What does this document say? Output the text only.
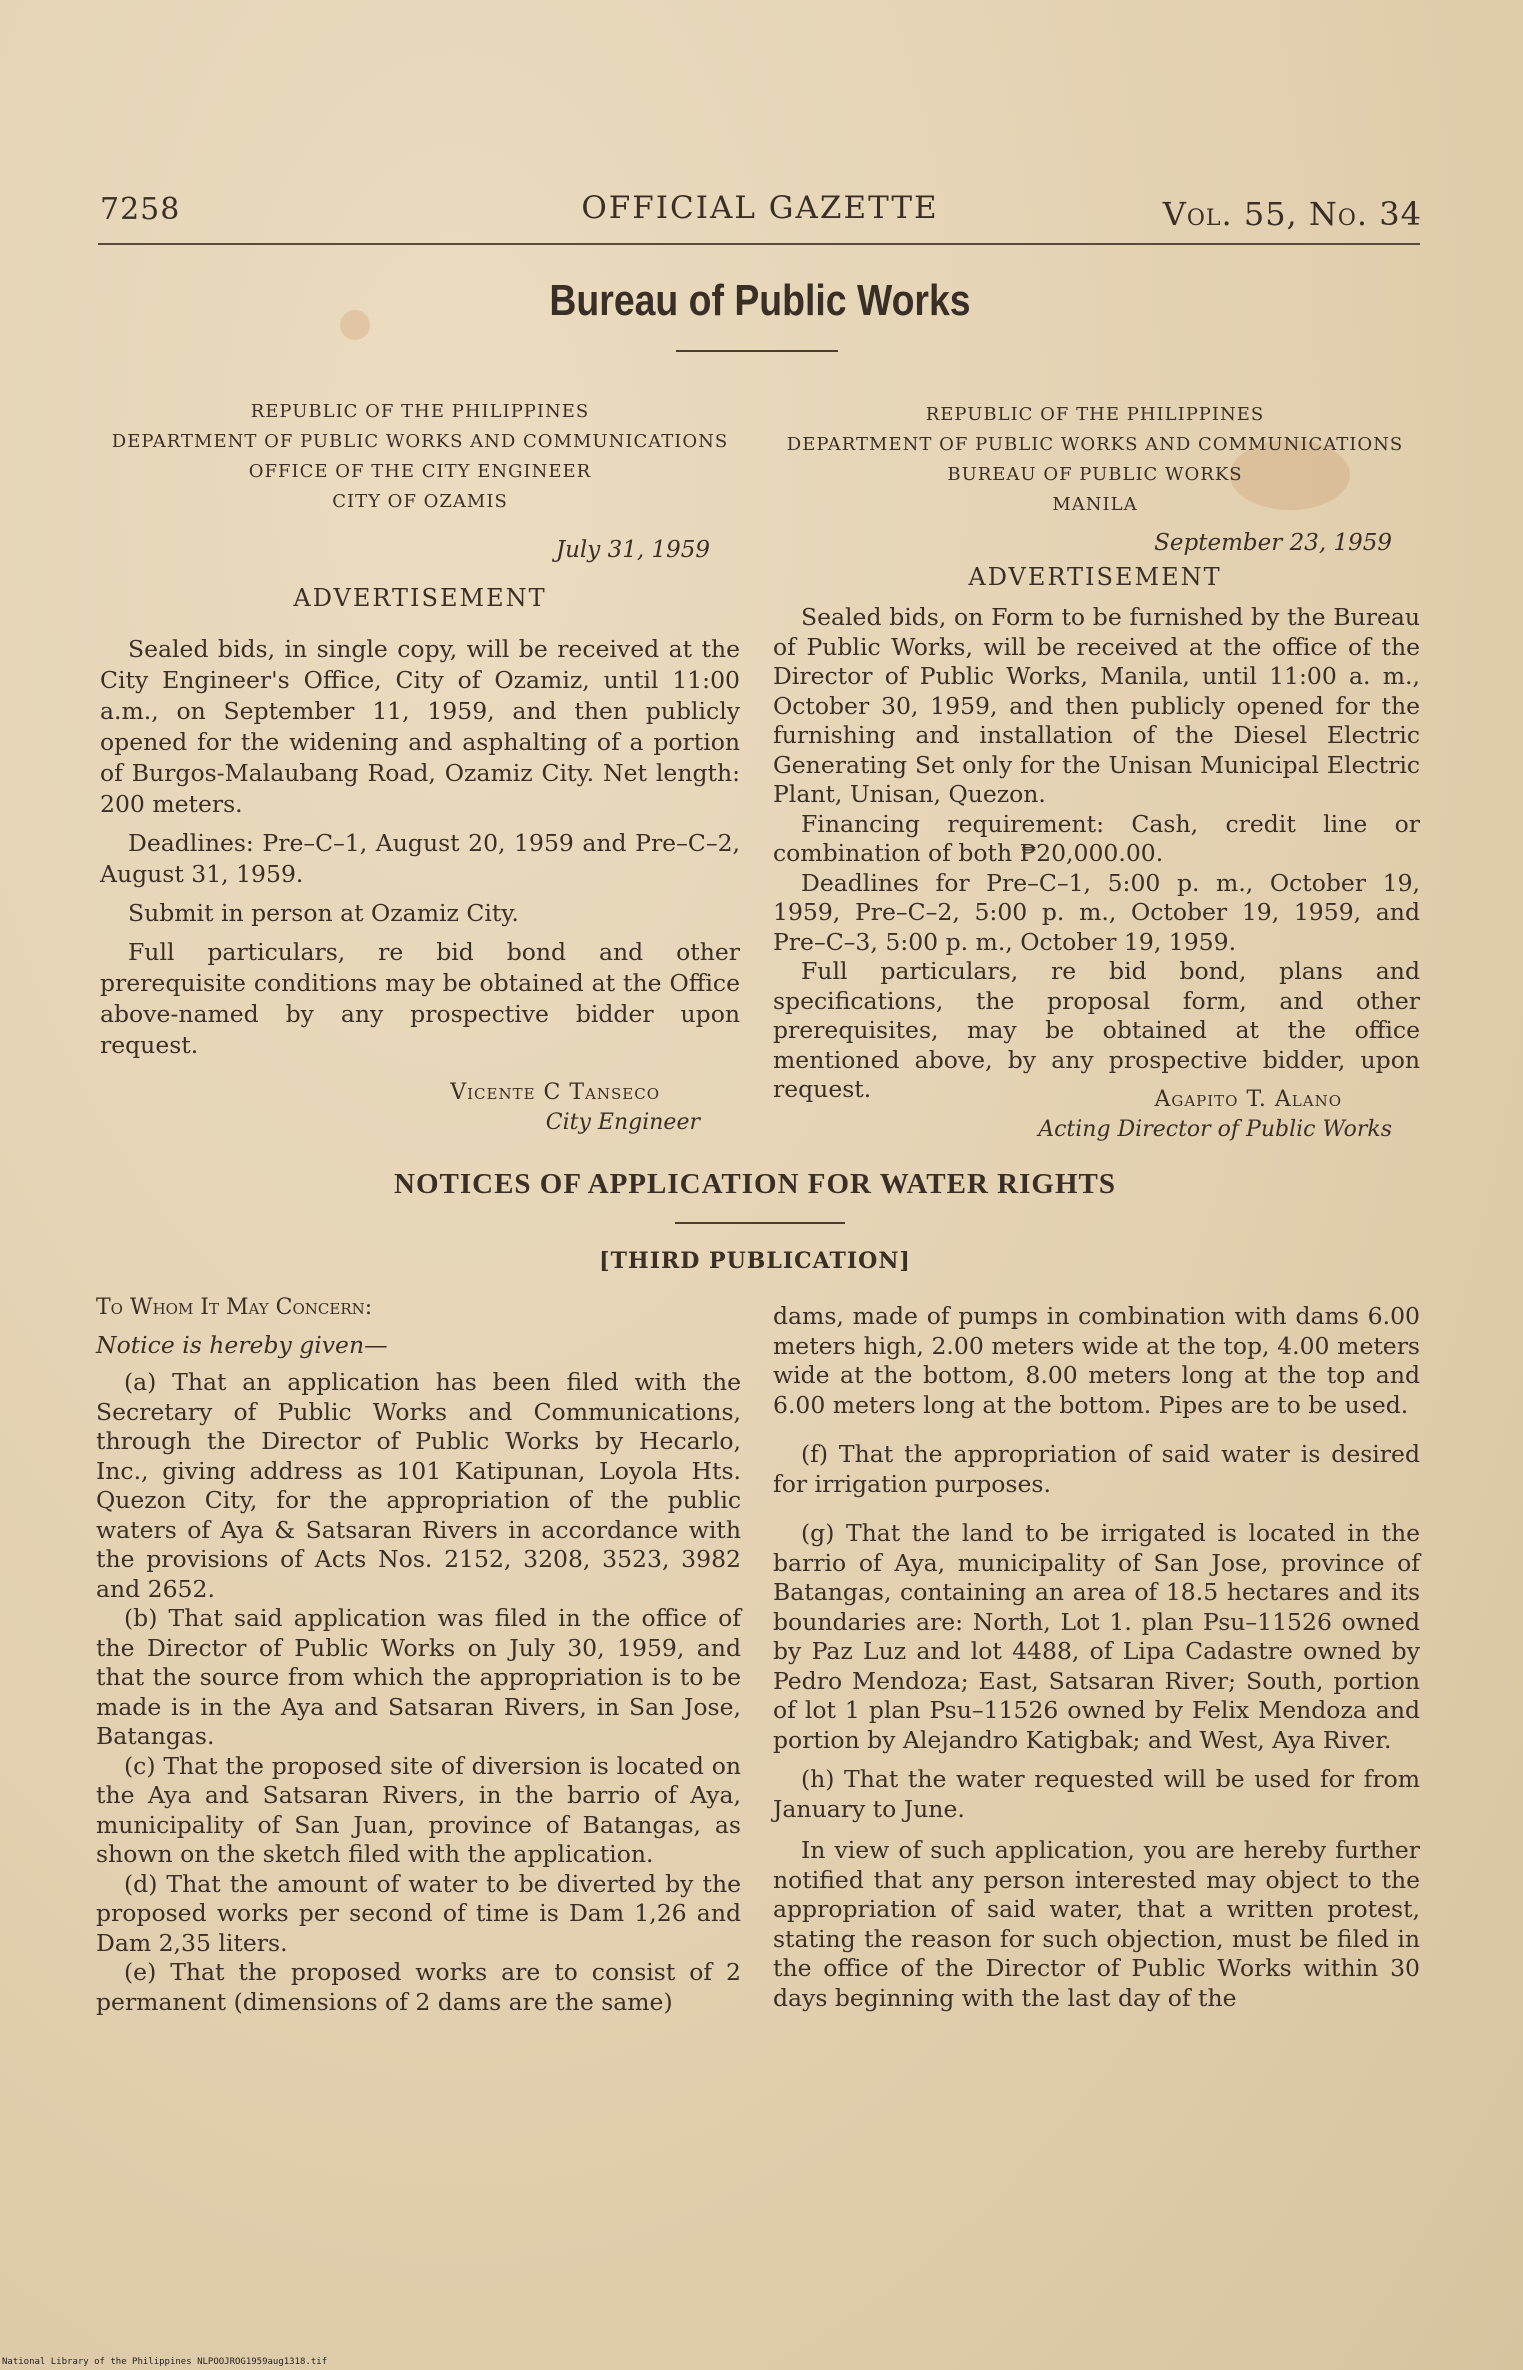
7258	OFFICIAL GAZETTE	Vol. 55, No. 34
Bureau of Public Works
REPUBLIC OF THE PHILIPPINES
DEPARTMENT OF PUBLIC WORKS AND COMMUNICATIONS
OFFICE OF THE CITY ENGINEER
CITY OF OZAMIS
July 31, 1959
ADVERTISEMENT

Sealed bids, in single copy, will be received at the City Engineer's Office, City of Ozamiz, until 11:00 a.m., on September 11, 1959, and then publicly opened for the widening and asphalting of a portion of Burgos-Malaubang Road, Ozamiz City. Net length: 200 meters.

Deadlines: Pre–C–1, August 20, 1959 and Pre–C–2, August 31, 1959.

Submit in person at Ozamiz City.

Full particulars, re bid bond and other prerequisite conditions may be obtained at the Office above-named by any prospective bidder upon request.

Vicente C Tanseco
City Engineer
REPUBLIC OF THE PHILIPPINES
DEPARTMENT OF PUBLIC WORKS AND COMMUNICATIONS
BUREAU OF PUBLIC WORKS
MANILA
September 23, 1959
ADVERTISEMENT

Sealed bids, on Form to be furnished by the Bureau of Public Works, will be received at the office of the Director of Public Works, Manila, until 11:00 a. m., October 30, 1959, and then publicly opened for the furnishing and installation of the Diesel Electric Generating Set only for the Unisan Municipal Electric Plant, Unisan, Quezon.

Financing requirement: Cash, credit line or combination of both ₱20,000.00.

Deadlines for Pre–C–1, 5:00 p. m., October 19, 1959, Pre–C–2, 5:00 p. m., October 19, 1959, and Pre–C–3, 5:00 p. m., October 19, 1959.

Full particulars, re bid bond, plans and specifications, the proposal form, and other prerequisites, may be obtained at the office mentioned above, by any prospective bidder, upon request.	Agapito T. Alano
Acting Director of Public Works
NOTICES OF APPLICATION FOR WATER RIGHTS
[THIRD PUBLICATION]

To Whom It May Concern:

Notice is hereby given—

(a) That an application has been filed with the Secretary of Public Works and Communications, through the Director of Public Works by Hecarlo, Inc., giving address as 101 Katipunan, Loyola Hts. Quezon City, for the appropriation of the public waters of Aya & Satsaran Rivers in accordance with the provisions of Acts Nos. 2152, 3208, 3523, 3982 and 2652.

(b) That said application was filed in the office of the Director of Public Works on July 30, 1959, and that the source from which the appropriation is to be made is in the Aya and Satsaran Rivers, in San Jose, Batangas.

(c) That the proposed site of diversion is located on the Aya and Satsaran Rivers, in the barrio of Aya, municipality of San Juan, province of Batangas, as shown on the sketch filed with the application.

(d) That the amount of water to be diverted by the proposed works per second of time is Dam 1,26 and Dam 2,35 liters.

(e) That the proposed works are to consist of 2 permanent (dimensions of 2 dams are the same)

dams, made of pumps in combination with dams 6.00 meters high, 2.00 meters wide at the top, 4.00 meters wide at the bottom, 8.00 meters long at the top and 6.00 meters long at the bottom. Pipes are to be used.

(f) That the appropriation of said water is desired for irrigation purposes.

(g) That the land to be irrigated is located in the barrio of Aya, municipality of San Jose, province of Batangas, containing an area of 18.5 hectares and its boundaries are: North, Lot 1. plan Psu–11526 owned by Paz Luz and lot 4488, of Lipa Cadastre owned by Pedro Mendoza; East, Satsaran River; South, portion of lot 1 plan Psu–11526 owned by Felix Mendoza and portion by Alejandro Katigbak; and West, Aya River.

(h) That the water requested will be used for from January to June.

In view of such application, you are hereby further notified that any person interested may object to the appropriation of said water, that a written protest, stating the reason for such objection, must be filed in the office of the Director of Public Works within 30 days beginning with the last day of the

National Library of the Philippines NLPOOJROG1959aug1318.tif
